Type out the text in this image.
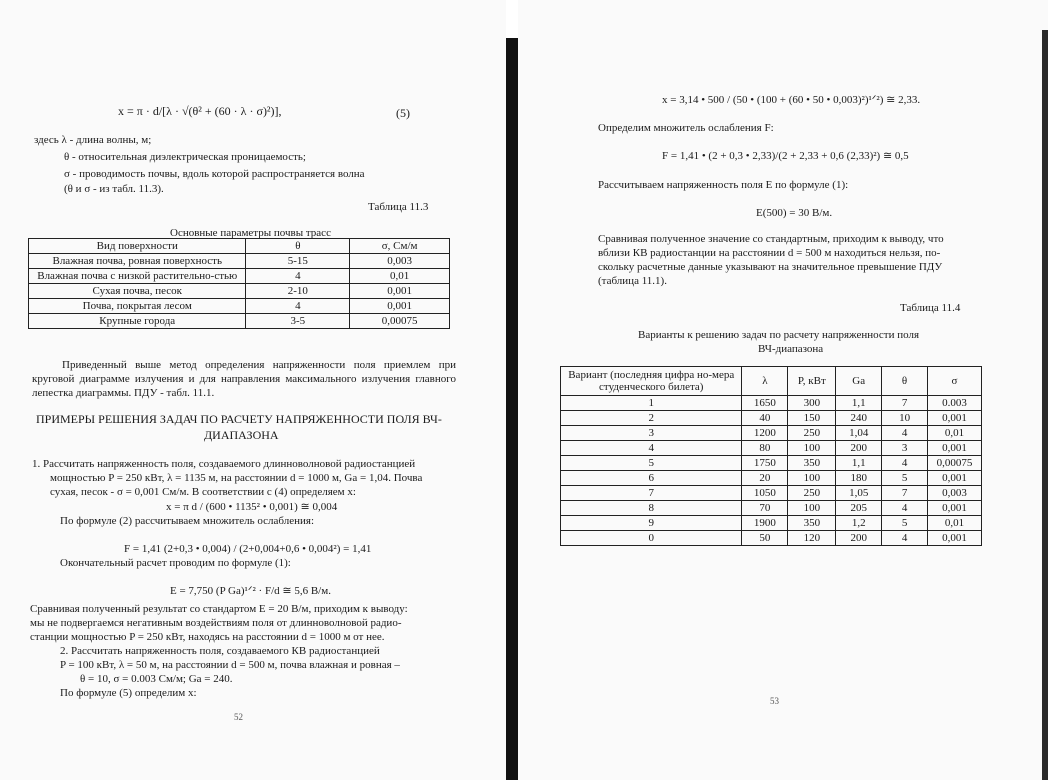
x = π · d/[λ · √(θ² + (60 · λ · σ)²)],	(5)
здесь λ - длина волны, м;
θ - относительная диэлектрическая проницаемость;
σ - проводимость почвы, вдоль которой распространяется волна
(θ и σ - из табл. 11.3).
Таблица 11.3
Основные параметры почвы трасс
Вид поверхности	θ	σ, См/м
Влажная почва, ровная поверхность	5-15	0,003
Влажная почва с низкой растительно-стью	4	0,01
Сухая почва, песок	2-10	0,001
Почва, покрытая лесом	4	0,001
Крупные города	3-5	0,00075
Приведенный выше метод определения напряженности поля приемлем при круговой диаграмме излучения и для направления максимального излучения главного лепестка диаграммы. ПДУ - табл. 11.1.
ПРИМЕРЫ РЕШЕНИЯ ЗАДАЧ ПО РАСЧЕТУ НАПРЯЖЕННОСТИ ПОЛЯ ВЧ-
ДИАПАЗОНА
1. Рассчитать напряженность поля, создаваемого длинноволновой радиостанцией
мощностью P = 250 кВт, λ = 1135 м, на расстоянии d = 1000 м, Ga = 1,04. Почва
сухая, песок - σ = 0,001 См/м. В соответствии с (4) определяем х:
x = π d / (600 • 1135² • 0,001) ≅ 0,004
По формуле (2) рассчитываем множитель ослабления:
F = 1,41 (2+0,3 • 0,004) / (2+0,004+0,6 • 0,004²) = 1,41
Окончательный расчет проводим по формуле (1):
E = 7,750 (P Ga)¹ᐟ² · F/d ≅ 5,6 В/м.
Сравнивая полученный результат со стандартом E = 20 В/м, приходим к выводу:
мы не подвергаемся негативным воздействиям поля от длинноволновой радио-
станции мощностью P = 250 кВт, находясь на расстоянии d = 1000 м от нее.
2. Рассчитать напряженность поля, создаваемого КВ радиостанцией
P = 100 кВт, λ = 50 м, на расстоянии d = 500 м, почва влажная и ровная –
θ = 10, σ = 0.003 См/м; Ga = 240.
По формуле (5) определим х:
52
x = 3,14 • 500 / (50 • (100 + (60 • 50 • 0,003)²)¹ᐟ²) ≅ 2,33.
Определим множитель ослабления F:
F = 1,41 • (2 + 0,3 • 2,33)/(2 + 2,33 + 0,6 (2,33)²) ≅ 0,5
Рассчитываем напряженность поля E по формуле (1):
E(500) = 30 В/м.
Сравнивая полученное значение со стандартным, приходим к выводу, что
вблизи КВ радиостанции на расстоянии d = 500 м находиться нельзя, по-
скольку расчетные данные указывают на значительное превышение ПДУ
(таблица 11.1).
Таблица 11.4
Варианты к решению задач по расчету напряженности поля
ВЧ-диапазона
Вариант (последняя цифра но-мера студенческого билета)	λ	P, кВт	Ga	θ	σ
1	1650	300	1,1	7	0.003
2	40	150	240	10	0,001
3	1200	250	1,04	4	0,01
4	80	100	200	3	0,001
5	1750	350	1,1	4	0,00075
6	20	100	180	5	0,001
7	1050	250	1,05	7	0,003
8	70	100	205	4	0,001
9	1900	350	1,2	5	0,01
0	50	120	200	4	0,001
53
